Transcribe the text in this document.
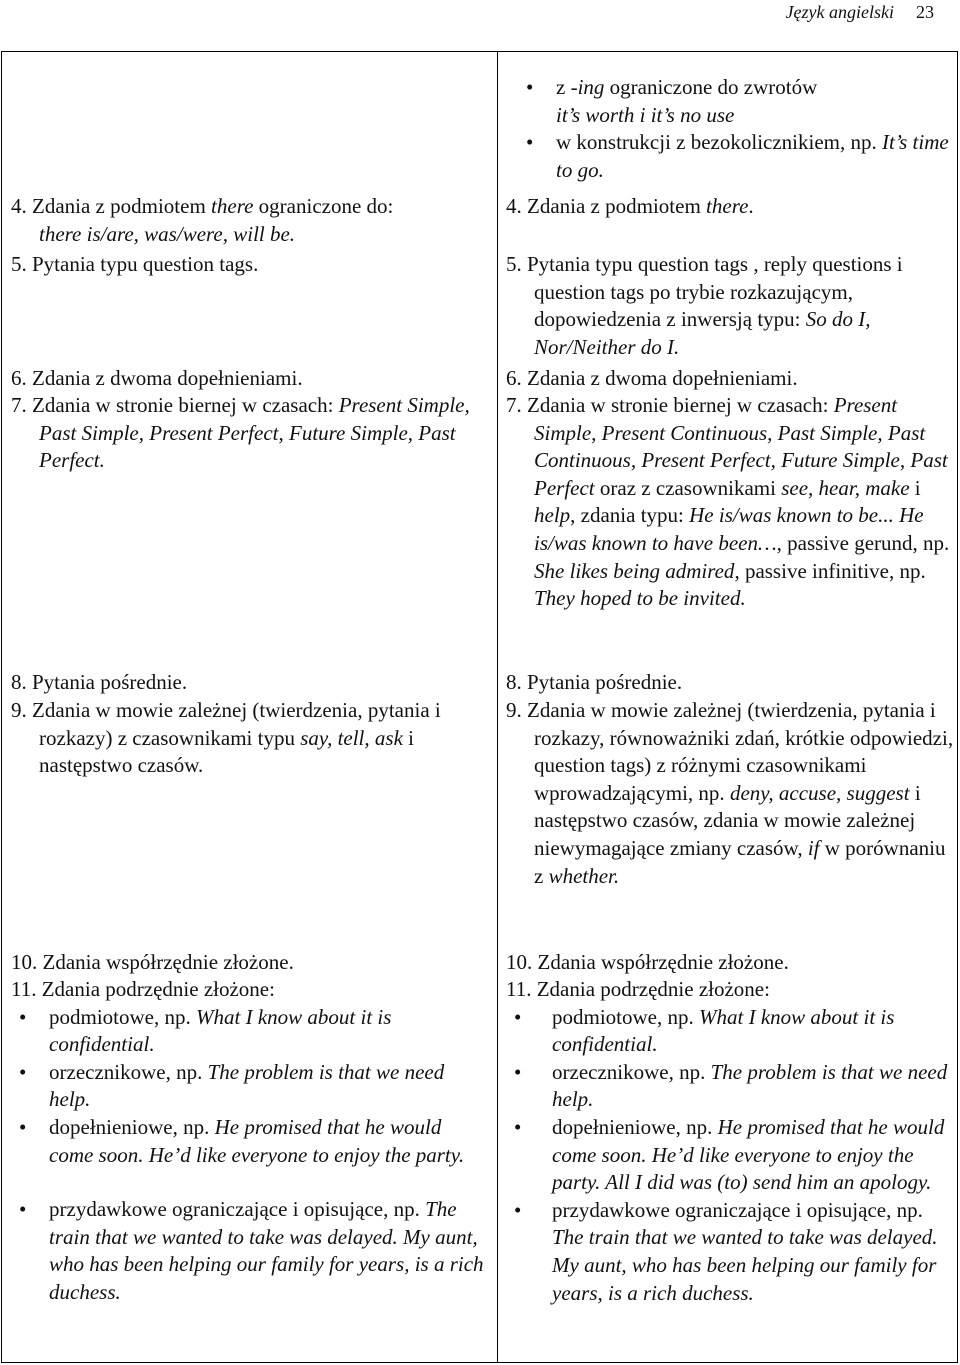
Język angielski 23

4. Zdania z podmiotem there ograniczone do:
there is/are, was/were, will be.

5. Pytania typu question tags.

6. Zdania z dwoma dopełnieniami.

7. Zdania w stronie biernej w czasach: Present Simple, Past Simple, Present Perfect, Future Simple, Past Perfect.

8. Pytania pośrednie.

9. Zdania w mowie zależnej (twierdzenia, pytania i rozkazy) z czasownikami typu say, tell, ask i następstwo czasów.

10. Zdania współrzędnie złożone.

11. Zdania podrzędnie złożone:

• podmiotowe, np. What I know about it is confidential.

• orzecznikowe, np. The problem is that we need help.

• dopełnieniowe, np. He promised that he would come soon. He’d like everyone to enjoy the party.

• przydawkowe ograniczające i opisujące, np. The train that we wanted to take was delayed. My aunt, who has been helping our family for years, is a rich duchess.

• z -ing ograniczone do zwrotów
it’s worth i it’s no use

• w konstrukcji z bezokolicznikiem, np. It’s time to go.

4. Zdania z podmiotem there.

5. Pytania typu question tags , reply questions i question tags po trybie rozkazującym, dopowiedzenia z inwersją typu: So do I, Nor/Neither do I.

6. Zdania z dwoma dopełnieniami.

7. Zdania w stronie biernej w czasach: Present Simple, Present Continuous, Past Simple, Past Continuous, Present Perfect, Future Simple, Past Perfect oraz z czasownikami see, hear, make i help, zdania typu: He is/was known to be... He is/was known to have been…, passive gerund, np. She likes being admired, passive infinitive, np. They hoped to be invited.

8. Pytania pośrednie.

9. Zdania w mowie zależnej (twierdzenia, pytania i rozkazy, równoważniki zdań, krótkie odpowiedzi, question tags) z różnymi czasownikami wprowadzającymi, np. deny, accuse, suggest i następstwo czasów, zdania w mowie zależnej niewymagające zmiany czasów, if w porównaniu z whether.

10. Zdania współrzędnie złożone.

11. Zdania podrzędnie złożone:

• podmiotowe, np. What I know about it is confidential.

• orzecznikowe, np. The problem is that we need help.

• dopełnieniowe, np. He promised that he would come soon. He’d like everyone to enjoy the party. All I did was (to) send him an apology.

• przydawkowe ograniczające i opisujące, np. The train that we wanted to take was delayed. My aunt, who has been helping our family for years, is a rich duchess.
